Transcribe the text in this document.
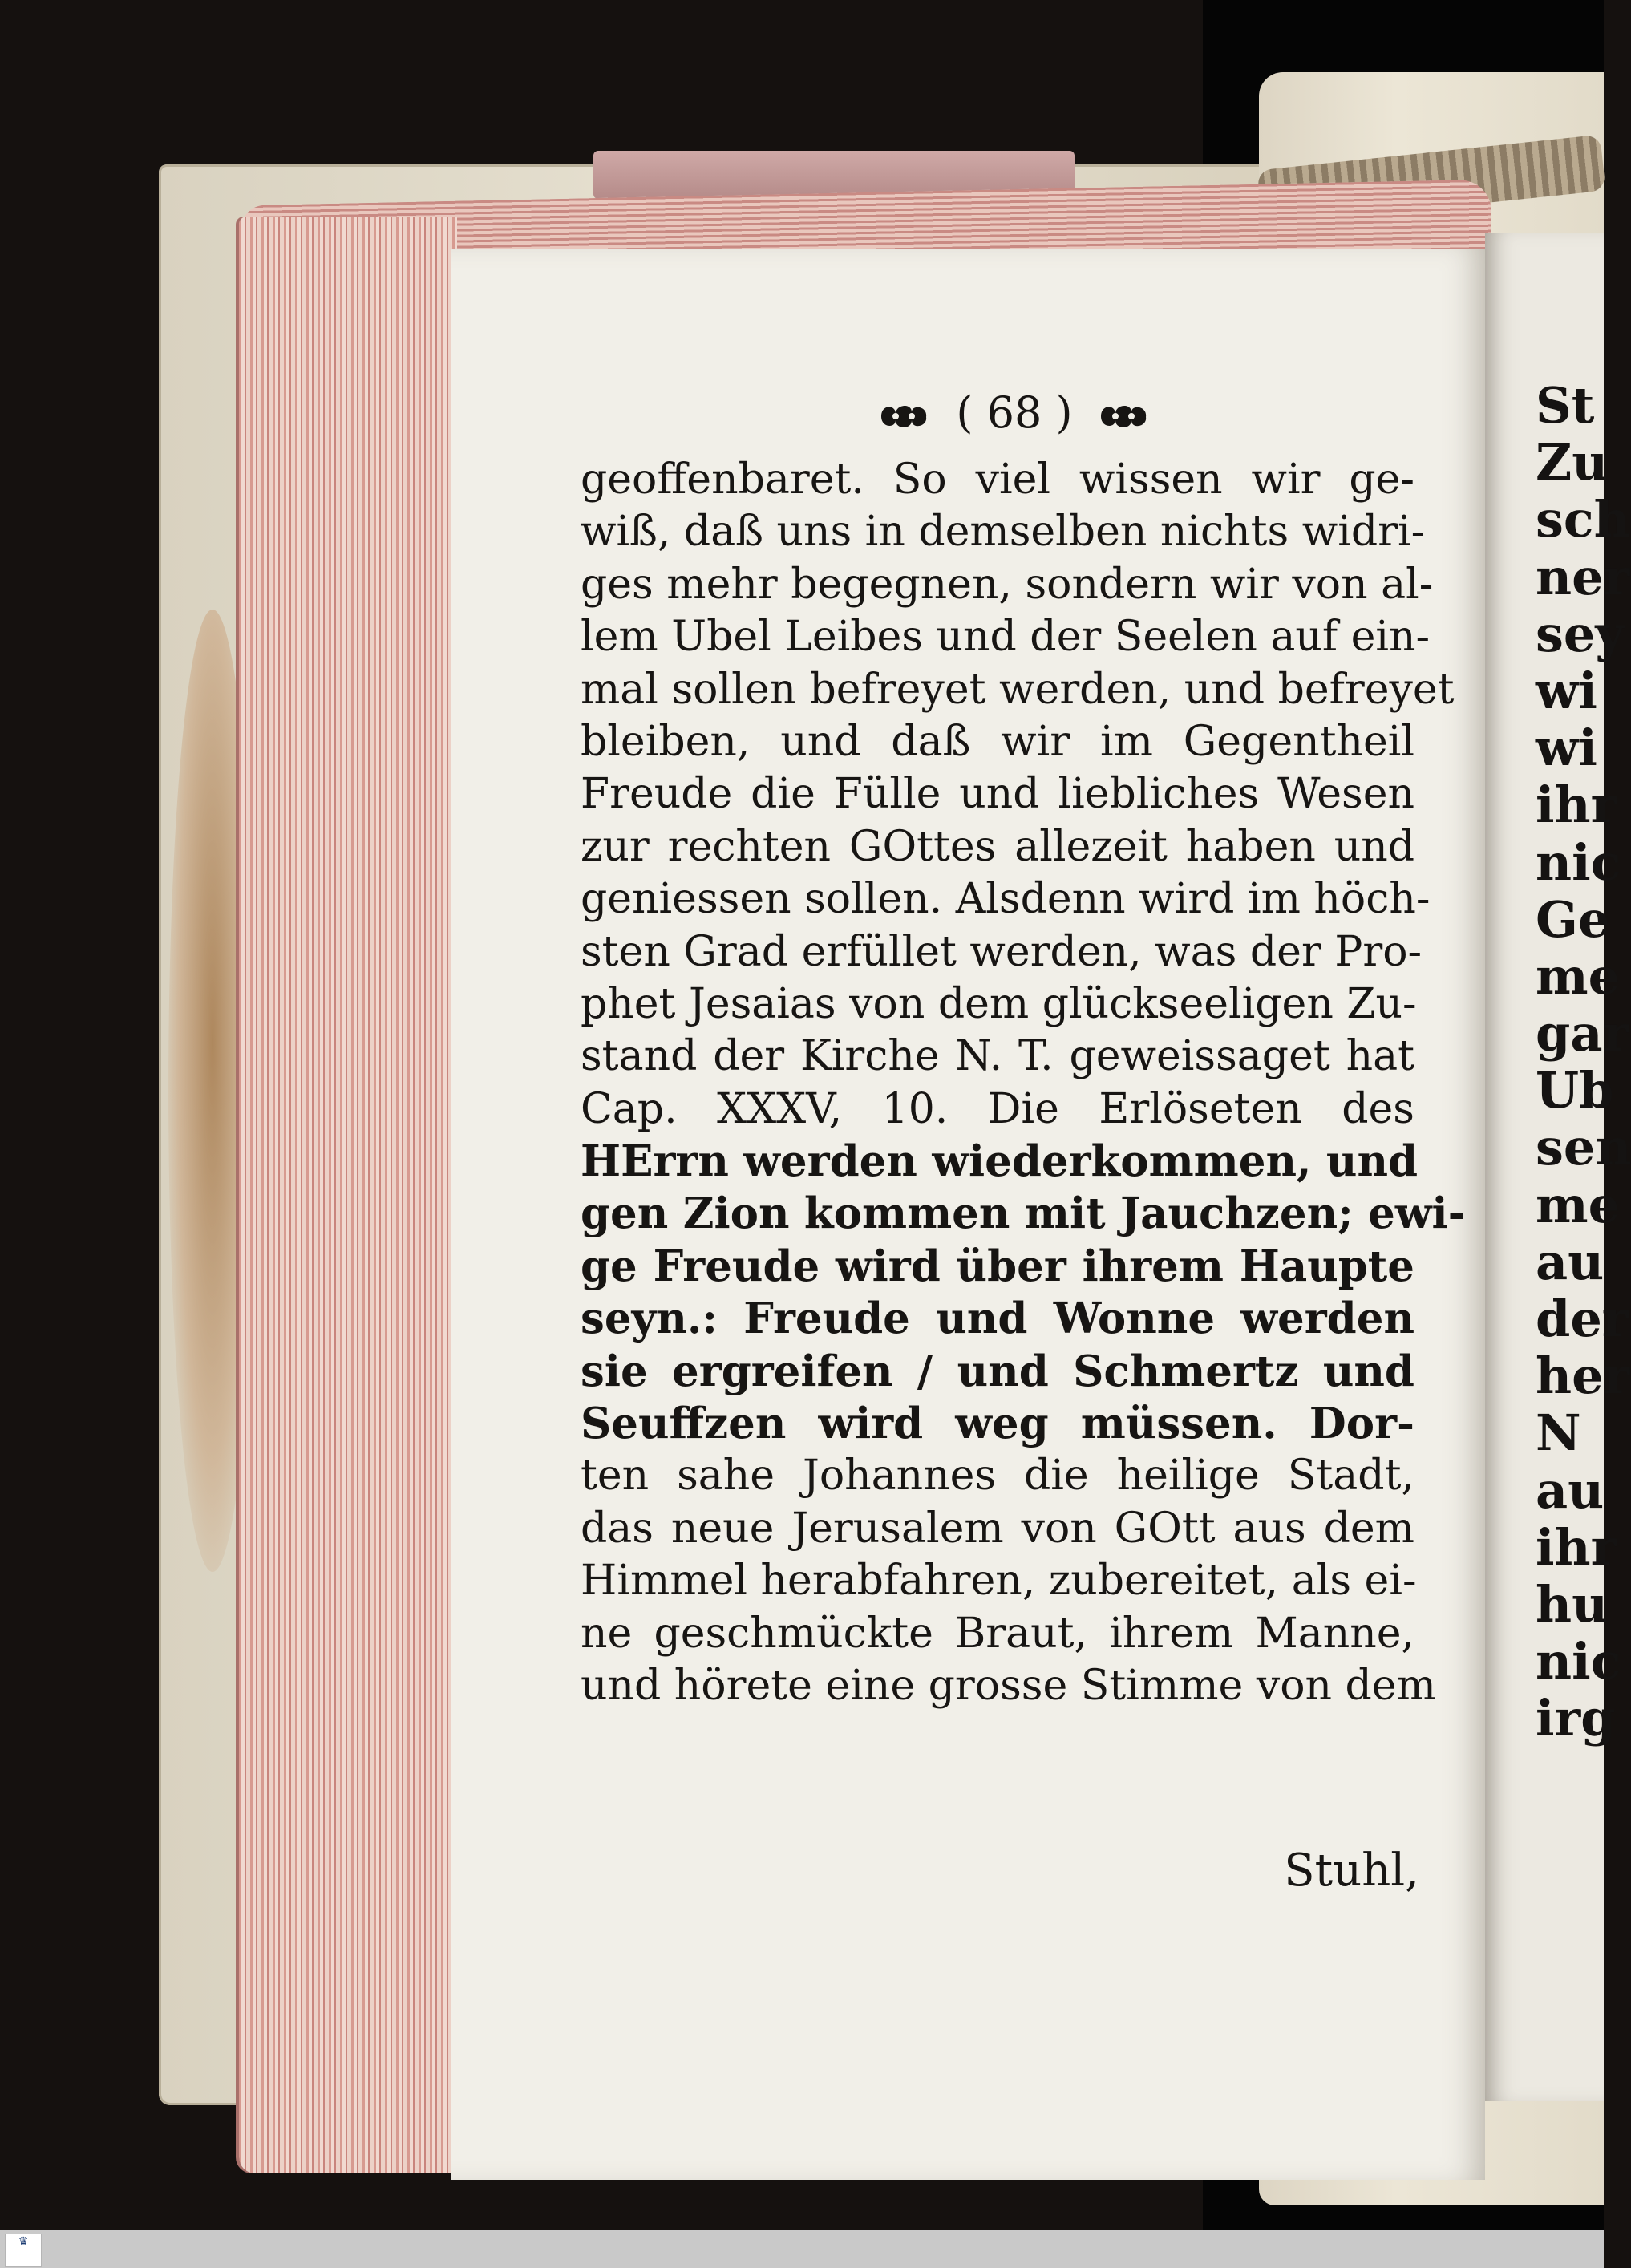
( 68 )
geoffenbaret. So viel wissen wir ge-
wiß, daß uns in demselben nichts widri-
ges mehr begegnen, sondern wir von al-
lem Ubel Leibes und der Seelen auf ein-
mal sollen befreyet werden, und befreyet
bleiben, und daß wir im Gegentheil
Freude die Fülle und liebliches Wesen
zur rechten GOttes allezeit haben und
geniessen sollen. Alsdenn wird im höch-
sten Grad erfüllet werden, was der Pro-
phet Jesaias von dem glückseeligen Zu-
stand der Kirche N. T. geweissaget hat
Cap. XXXV, 10. Die Erlöseten des
HErrn werden wiederkommen, und
gen Zion kommen mit Jauchzen; ewi-
ge Freude wird über ihrem Haupte
seyn.: Freude und Wonne werden
sie ergreifen / und Schmertz und
Seuffzen wird weg müssen. Dor-
ten sahe Johannes die heilige Stadt,
das neue Jerusalem von GOtt aus dem
Himmel herabfahren, zubereitet, als ei-
ne geschmückte Braut, ihrem Manne,
und hörete eine grosse Stimme von dem
Stuhl,
St
Zu
sch
ner
sey
wi
wi
ihr
nic
Ge
me
gar
Ub
sen
me
au
der
her
N
au
ihr
hu
nic
irg
♛
